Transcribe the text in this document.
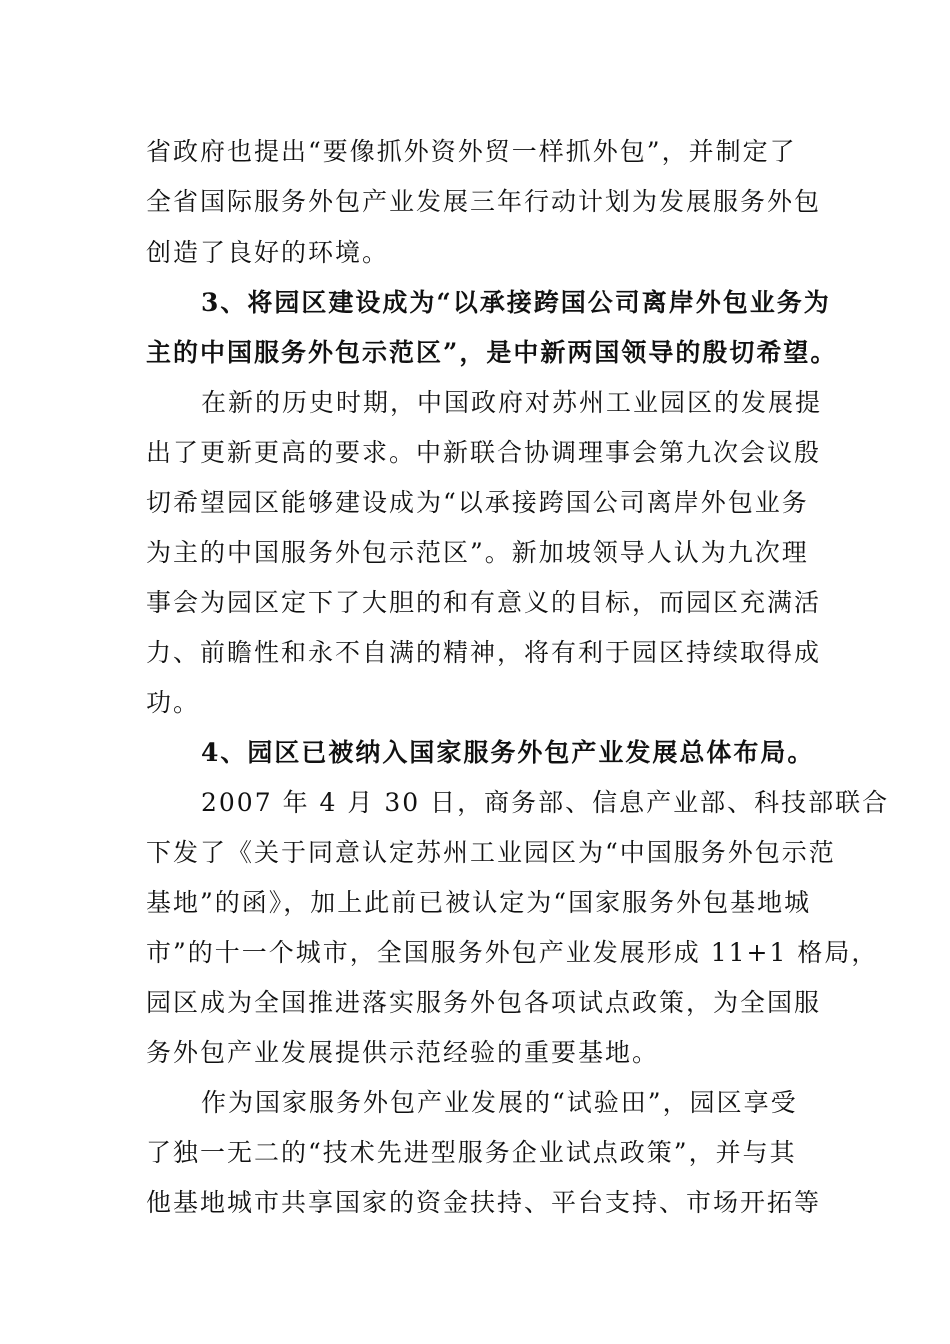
省政府也提出“要像抓外资外贸一样抓外包”，并制定了
全省国际服务外包产业发展三年行动计划为发展服务外包
创造了良好的环境。
3、将园区建设成为“以承接跨国公司离岸外包业务为
主的中国服务外包示范区”，是中新两国领导的殷切希望。
在新的历史时期，中国政府对苏州工业园区的发展提
出了更新更高的要求。中新联合协调理事会第九次会议殷
切希望园区能够建设成为“以承接跨国公司离岸外包业务
为主的中国服务外包示范区”。新加坡领导人认为九次理
事会为园区定下了大胆的和有意义的目标，而园区充满活
力、前瞻性和永不自满的精神，将有利于园区持续取得成
功。
4、园区已被纳入国家服务外包产业发展总体布局。
2007 年 4 月 30 日，商务部、信息产业部、科技部联合
下发了《关于同意认定苏州工业园区为“中国服务外包示范
基地”的函》，加上此前已被认定为“国家服务外包基地城
市”的十一个城市，全国服务外包产业发展形成 11+1 格局，
园区成为全国推进落实服务外包各项试点政策，为全国服
务外包产业发展提供示范经验的重要基地。
作为国家服务外包产业发展的“试验田”，园区享受
了独一无二的“技术先进型服务企业试点政策”，并与其
他基地城市共享国家的资金扶持、平台支持、市场开拓等
